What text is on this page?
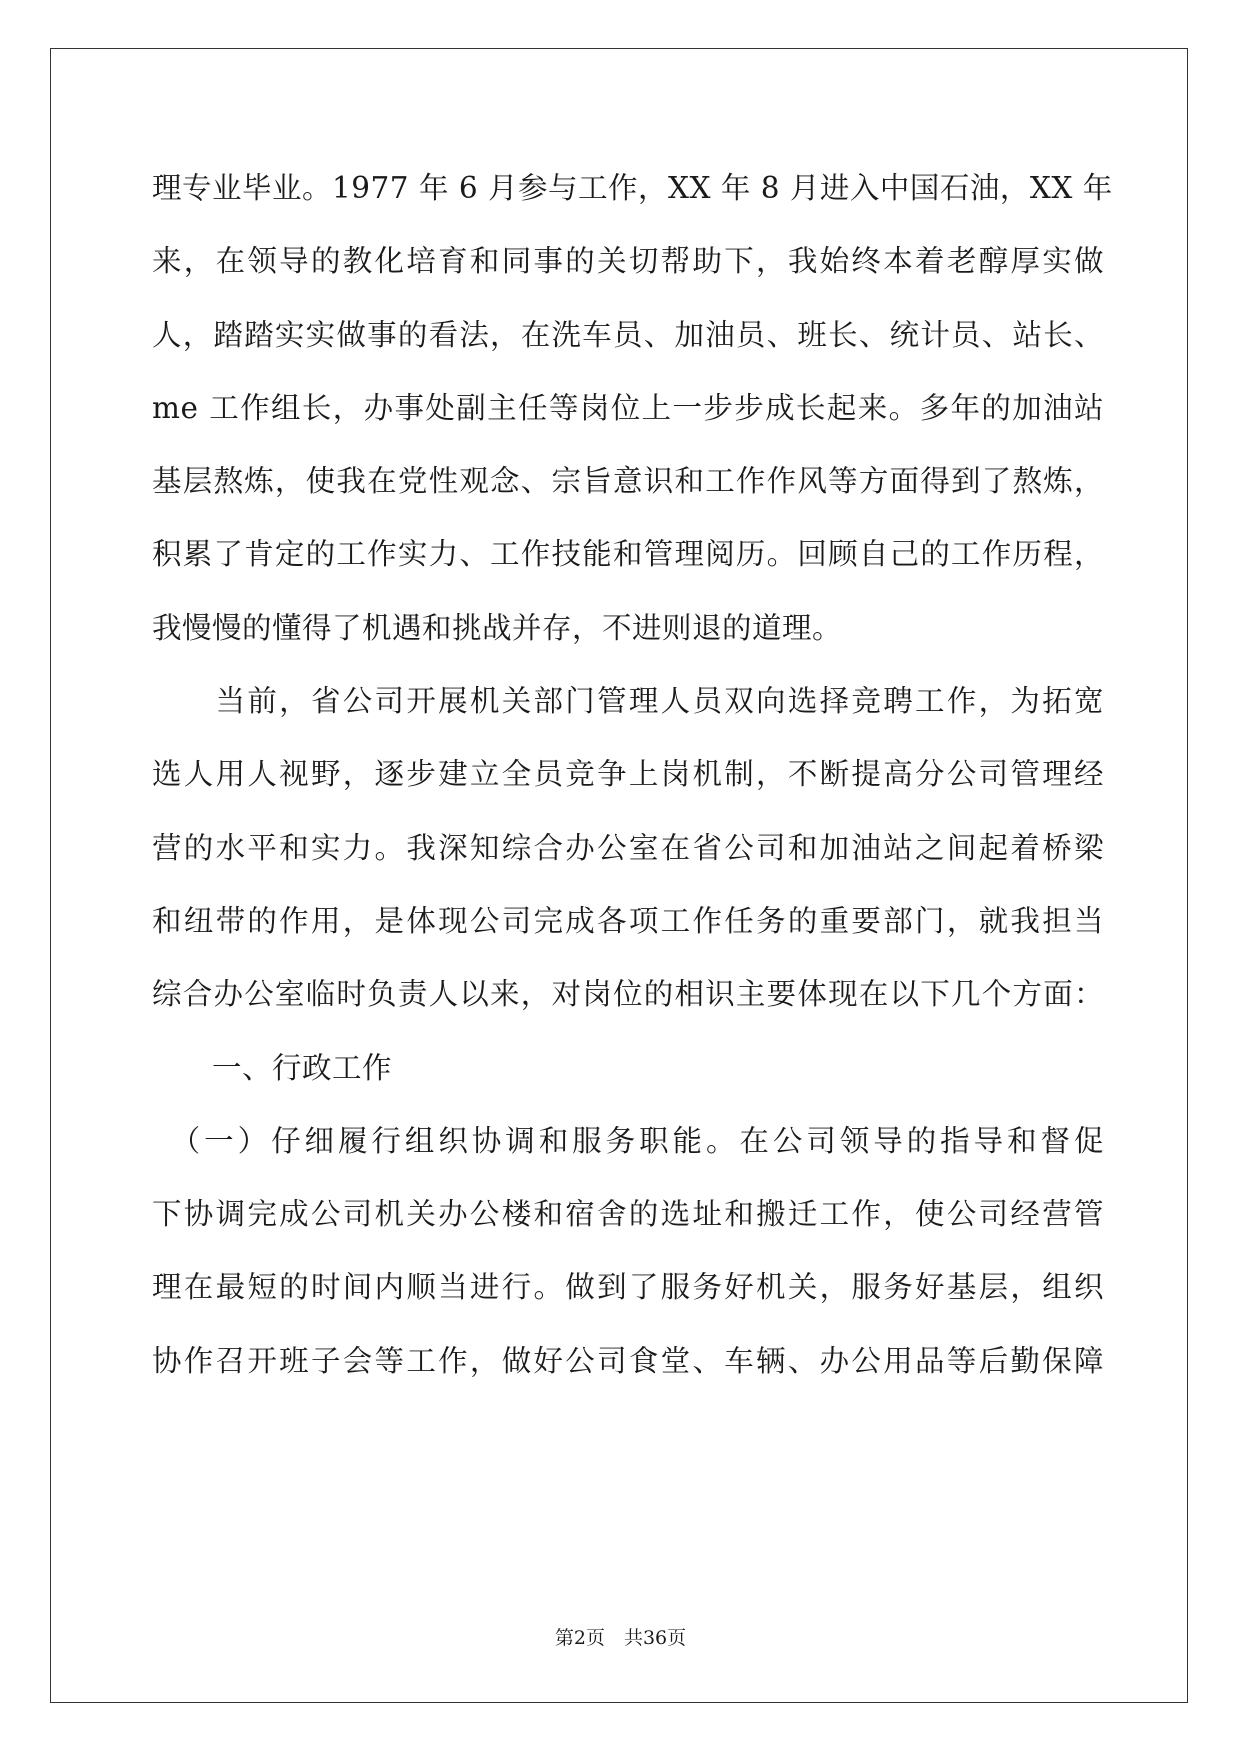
理专业毕业。1977 年 6 月参与工作，XX 年 8 月进入中国石油，XX 年
来，在领导的教化培育和同事的关切帮助下，我始终本着老醇厚实做
人，踏踏实实做事的看法，在洗车员、加油员、班长、统计员、站长、
me 工作组长，办事处副主任等岗位上一步步成长起来。多年的加油站
基层熬炼，使我在党性观念、宗旨意识和工作作风等方面得到了熬炼，
积累了肯定的工作实力、工作技能和管理阅历。回顾自己的工作历程，
我慢慢的懂得了机遇和挑战并存，不进则退的道理。
　　当前，省公司开展机关部门管理人员双向选择竞聘工作，为拓宽
选人用人视野，逐步建立全员竞争上岗机制，不断提高分公司管理经
营的水平和实力。我深知综合办公室在省公司和加油站之间起着桥梁
和纽带的作用，是体现公司完成各项工作任务的重要部门，就我担当
综合办公室临时负责人以来，对岗位的相识主要体现在以下几个方面：
　　一、行政工作
　（一）仔细履行组织协调和服务职能。在公司领导的指导和督促
下协调完成公司机关办公楼和宿舍的选址和搬迁工作，使公司经营管
理在最短的时间内顺当进行。做到了服务好机关，服务好基层，组织
协作召开班子会等工作，做好公司食堂、车辆、办公用品等后勤保障
第2页　共36页
